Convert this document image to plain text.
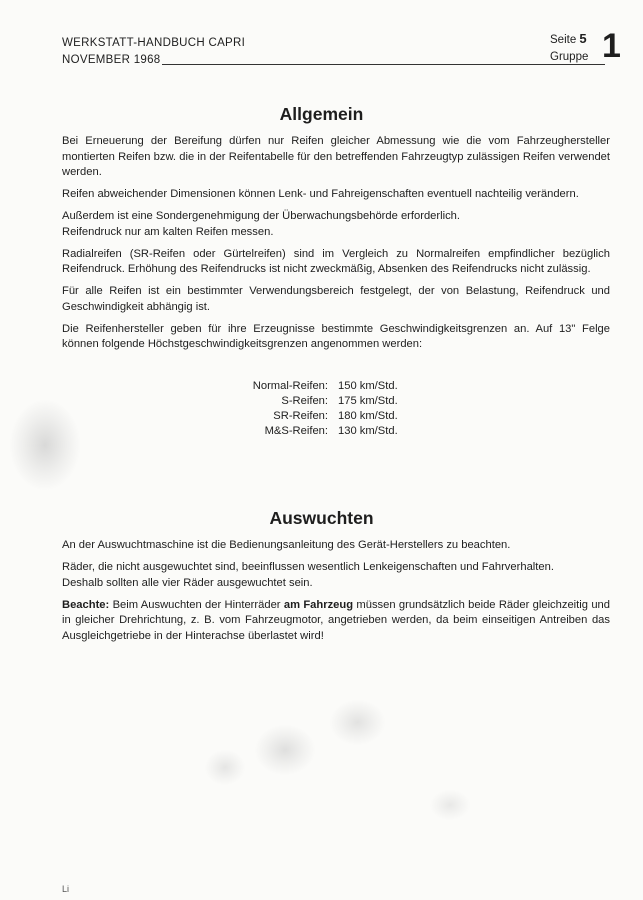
WERKSTATT-HANDBUCH CAPRI
NOVEMBER 1968
Seite 5
Gruppe 1
Allgemein

Bei Erneuerung der Bereifung dürfen nur Reifen gleicher Abmessung wie die vom Fahrzeughersteller montierten Reifen bzw. die in der Reifentabelle für den betreffenden Fahrzeugtyp zulässigen Reifen verwendet werden.

Reifen abweichender Dimensionen können Lenk- und Fahreigenschaften eventuell nachteilig verändern.

Außerdem ist eine Sondergenehmigung der Überwachungsbehörde erforderlich.
Reifendruck nur am kalten Reifen messen.

Radialreifen (SR-Reifen oder Gürtelreifen) sind im Vergleich zu Normalreifen empfindlicher bezüglich Reifendruck. Erhöhung des Reifendrucks ist nicht zweckmäßig, Absenken des Reifendrucks nicht zulässig.

Für alle Reifen ist ein bestimmter Verwendungsbereich festgelegt, der von Belastung, Reifendruck und Geschwindigkeit abhängig ist.

Die Reifenhersteller geben für ihre Erzeugnisse bestimmte Geschwindigkeitsgrenzen an. Auf 13" Felge können folgende Höchstgeschwindigkeitsgrenzen angenommen werden:

Normal-Reifen:	150 km/Std.
S-Reifen:	175 km/Std.
SR-Reifen:	180 km/Std.
M&S-Reifen:	130 km/Std.
Auswuchten

An der Auswuchtmaschine ist die Bedienungsanleitung des Gerät-Herstellers zu beachten.

Räder, die nicht ausgewuchtet sind, beeinflussen wesentlich Lenkeigenschaften und Fahrverhalten.
Deshalb sollten alle vier Räder ausgewuchtet sein.

Beachte: Beim Auswuchten der Hinterräder am Fahrzeug müssen grundsätzlich beide Räder gleichzeitig und in gleicher Drehrichtung, z. B. vom Fahrzeugmotor, angetrieben werden, da beim einseitigen Antreiben das Ausgleichgetriebe in der Hinterachse überlastet wird!

Li
